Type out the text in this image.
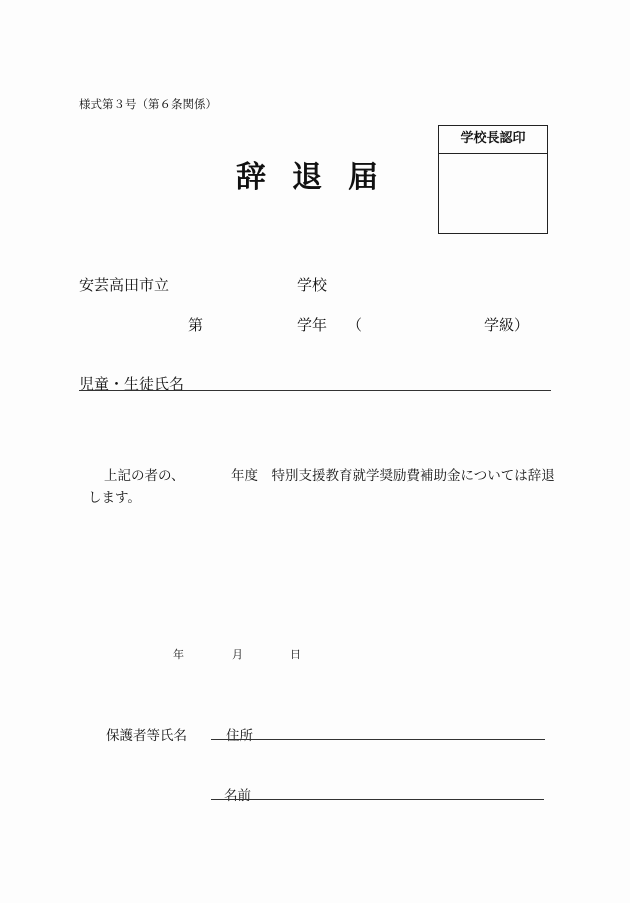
様式第３号（第６条関係）
辞退届
学校長認印
安芸高田市立	学校
第	学年 （	学級）
児童・生徒氏名
上記の者の、	年度　特別支援教育就学奨励費補助金については辞退
します。
年	月	日
保護者等氏名	住所
名前
